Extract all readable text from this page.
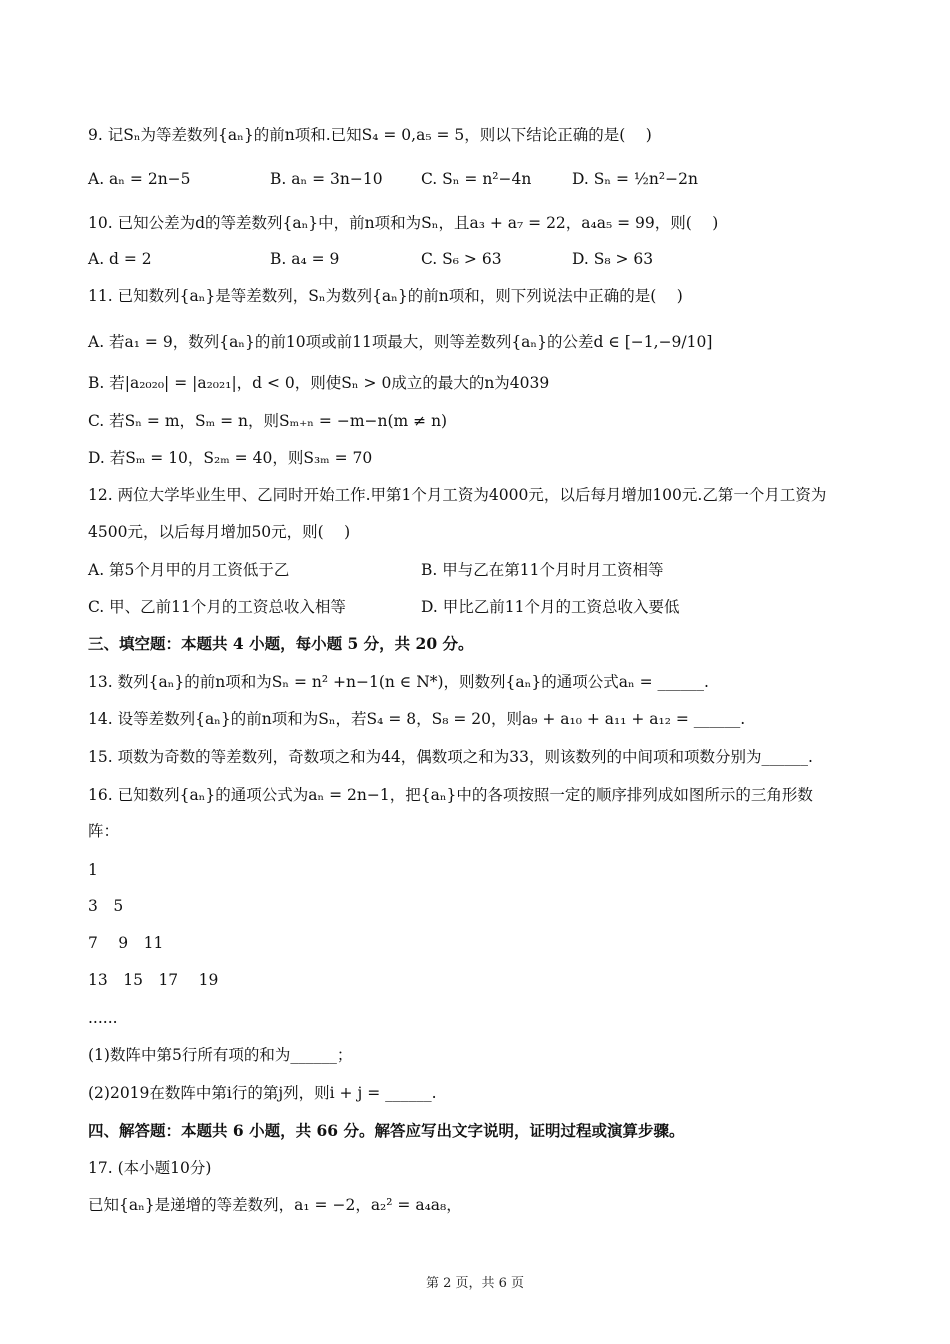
9. 记Sₙ为等差数列{aₙ}的前n项和.已知S₄ = 0,a₅ = 5，则以下结论正确的是(　 )
A. aₙ = 2n−5	B. aₙ = 3n−10 C. Sₙ = n²−4n	D. Sₙ = ½n²−2n
10. 已知公差为d的等差数列{aₙ}中，前n项和为Sₙ，且a₃ + a₇ = 22，a₄a₅ = 99，则(　 )
A. d = 2	B. a₄ = 9	C. S₆ > 63	D. S₈ > 63
11. 已知数列{aₙ}是等差数列，Sₙ为数列{aₙ}的前n项和，则下列说法中正确的是(　 )
A. 若a₁ = 9，数列{aₙ}的前10项或前11项最大，则等差数列{aₙ}的公差d ∈ [−1,−9/10]
B. 若|a₂₀₂₀| = |a₂₀₂₁|，d < 0，则使Sₙ > 0成立的最大的n为4039
C. 若Sₙ = m，Sₘ = n，则Sₘ₊ₙ = −m−n(m ≠ n)
D. 若Sₘ = 10，S₂ₘ = 40，则S₃ₘ = 70
12. 两位大学毕业生甲、乙同时开始工作.甲第1个月工资为4000元，以后每月增加100元.乙第一个月工资为
4500元，以后每月增加50元，则(　 )
A. 第5个月甲的月工资低于乙	B. 甲与乙在第11个月时月工资相等
C. 甲、乙前11个月的工资总收入相等	D. 甲比乙前11个月的工资总收入要低
三、填空题：本题共 4 小题，每小题 5 分，共 20 分。
13. 数列{aₙ}的前n项和为Sₙ = n² +n−1(n ∈ N*)，则数列{aₙ}的通项公式aₙ = ______.
14. 设等差数列{aₙ}的前n项和为Sₙ，若S₄ = 8，S₈ = 20，则a₉ + a₁₀ + a₁₁ + a₁₂ = ______.
15. 项数为奇数的等差数列，奇数项之和为44，偶数项之和为33，则该数列的中间项和项数分别为______.
16. 已知数列{aₙ}的通项公式为aₙ = 2n−1，把{aₙ}中的各项按照一定的顺序排列成如图所示的三角形数
阵：
1
3　5
7　 9　11
13　15　17　 19
......
(1)数阵中第5行所有项的和为______；
(2)2019在数阵中第i行的第j列，则i + j = ______.
四、解答题：本题共 6 小题，共 66 分。解答应写出文字说明，证明过程或演算步骤。
17. (本小题10分)
已知{aₙ}是递增的等差数列，a₁ = −2，a₂² = a₄a₈，
第 2 页，共 6 页
